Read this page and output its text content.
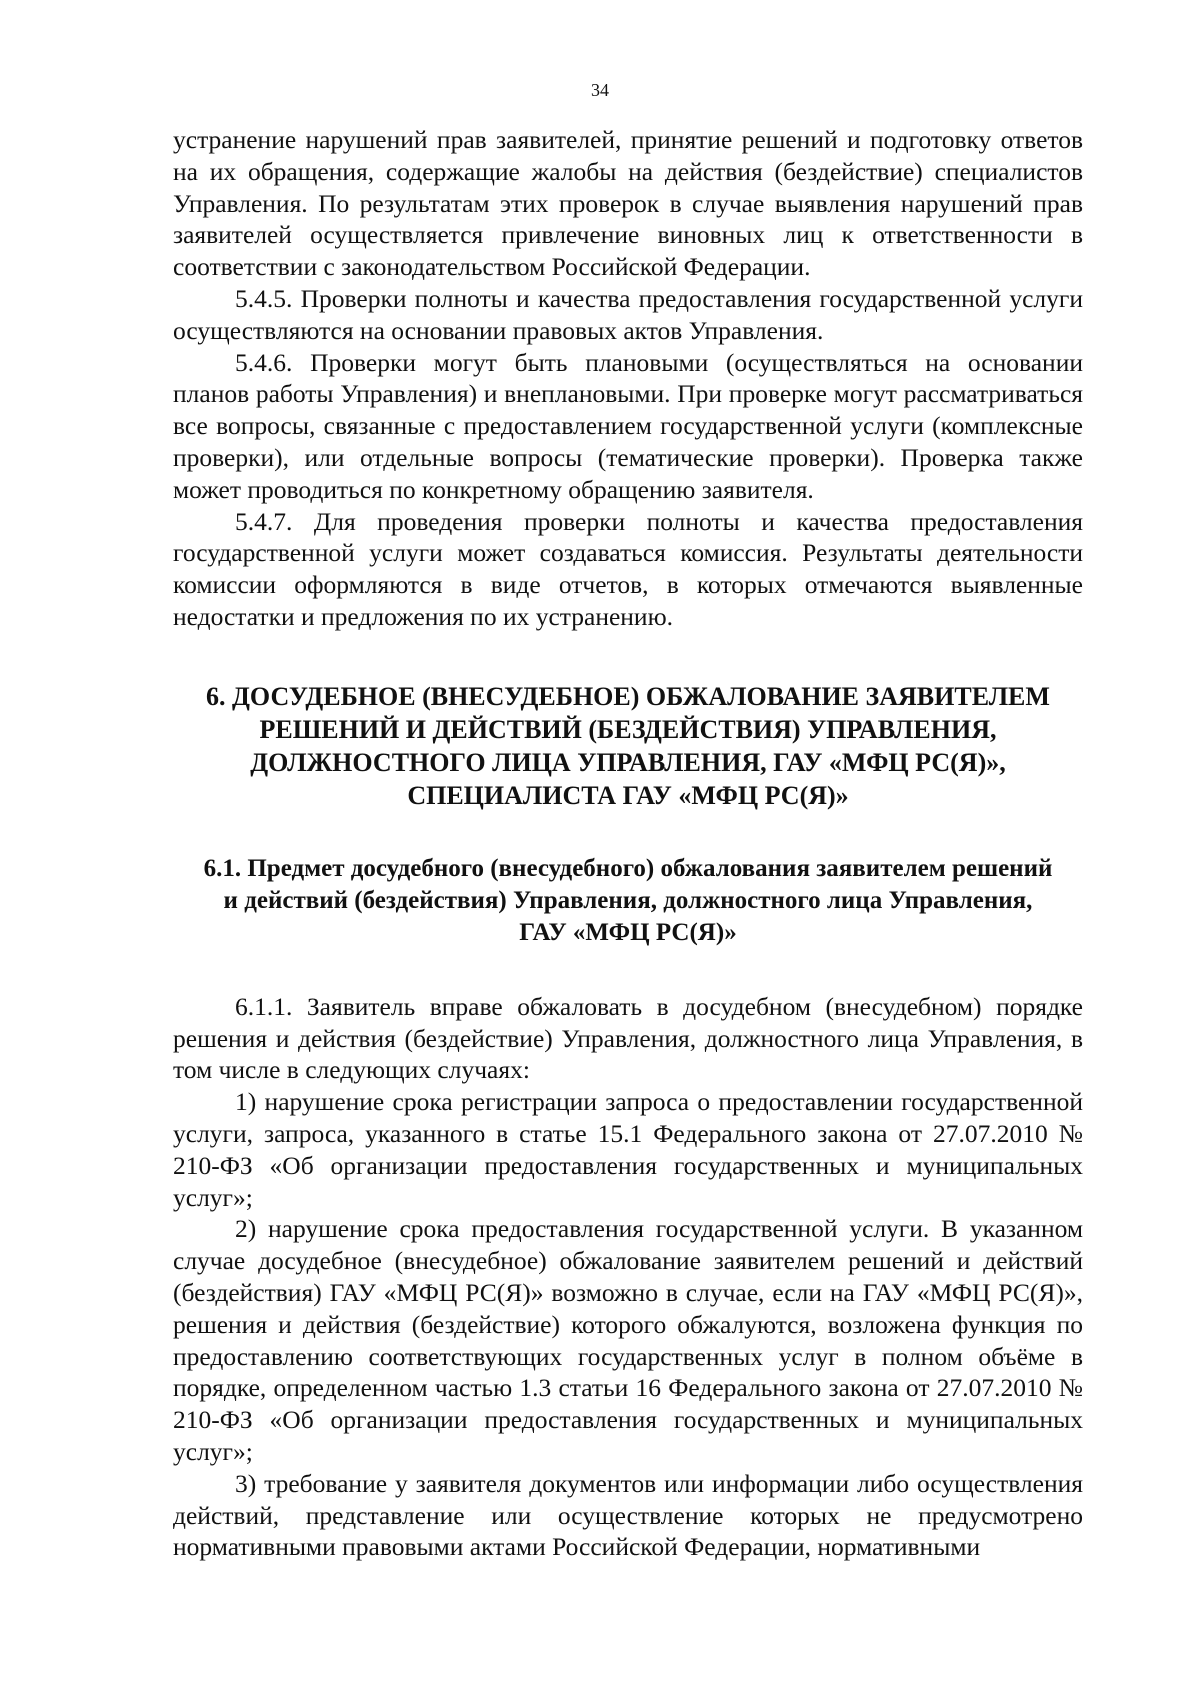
34

устранение нарушений прав заявителей, принятие решений и подготовку ответов на их обращения, содержащие жалобы на действия (бездействие) специалистов Управления. По результатам этих проверок в случае выявления нарушений прав заявителей осуществляется привлечение виновных лиц к ответственности в соответствии с законодательством Российской Федерации.

5.4.5. Проверки полноты и качества предоставления государственной услуги осуществляются на основании правовых актов Управления.

5.4.6. Проверки могут быть плановыми (осуществляться на основании планов работы Управления) и внеплановыми. При проверке могут рассматриваться все вопросы, связанные с предоставлением государственной услуги (комплексные проверки), или отдельные вопросы (тематические проверки). Проверка также может проводиться по конкретному обращению заявителя.

5.4.7. Для проведения проверки полноты и качества предоставления государственной услуги может создаваться комиссия. Результаты деятельности комиссии оформляются в виде отчетов, в которых отмечаются выявленные недостатки и предложения по их устранению.

6. ДОСУДЕБНОЕ (ВНЕСУДЕБНОЕ) ОБЖАЛОВАНИЕ ЗАЯВИТЕЛЕМ
РЕШЕНИЙ И ДЕЙСТВИЙ (БЕЗДЕЙСТВИЯ) УПРАВЛЕНИЯ,
ДОЛЖНОСТНОГО ЛИЦА УПРАВЛЕНИЯ, ГАУ «МФЦ РС(Я)»,
СПЕЦИАЛИСТА ГАУ «МФЦ РС(Я)»
6.1. Предмет досудебного (внесудебного) обжалования заявителем решений
и действий (бездействия) Управления, должностного лица Управления,
ГАУ «МФЦ РС(Я)»

6.1.1. Заявитель вправе обжаловать в досудебном (внесудебном) порядке решения и действия (бездействие) Управления, должностного лица Управления, в том числе в следующих случаях:

1) нарушение срока регистрации запроса о предоставлении государственной услуги, запроса, указанного в статье 15.1 Федерального закона от 27.07.2010 № 210-ФЗ «Об организации предоставления государственных и муниципальных услуг»;

2) нарушение срока предоставления государственной услуги. В указанном случае досудебное (внесудебное) обжалование заявителем решений и действий (бездействия) ГАУ «МФЦ РС(Я)» возможно в случае, если на ГАУ «МФЦ РС(Я)», решения и действия (бездействие) которого обжалуются, возложена функция по предоставлению соответствующих государственных услуг в полном объёме в порядке, определенном частью 1.3 статьи 16 Федерального закона от 27.07.2010 № 210-ФЗ «Об организации предоставления государственных и муниципальных услуг»;

3) требование у заявителя документов или информации либо осуществления действий, представление или осуществление которых не предусмотрено нормативными правовыми актами Российской Федерации, нормативными
